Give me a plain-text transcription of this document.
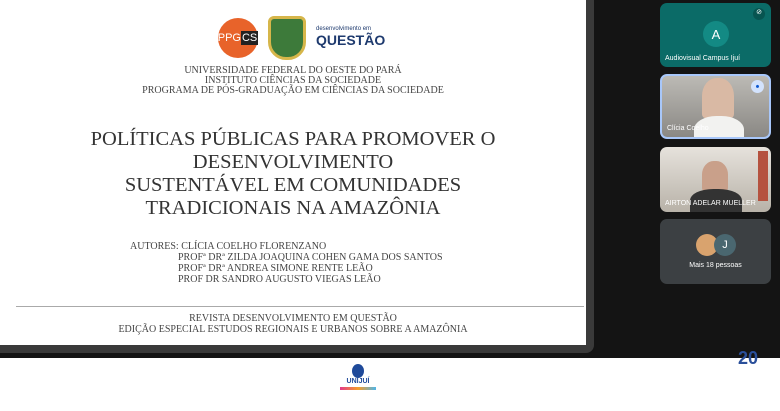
PPG CS
desenvolvimento em
QUESTÃO
UNIVERSIDADE FEDERAL DO OESTE DO PARÁ
INSTITUTO CIÊNCIAS DA SOCIEDADE
PROGRAMA DE PÓS-GRADUAÇÃO EM CIÊNCIAS DA SOCIEDADE
POLÍTICAS PÚBLICAS PARA PROMOVER O
DESENVOLVIMENTO
SUSTENTÁVEL EM COMUNIDADES
TRADICIONAIS NA AMAZÔNIA
AUTORES: CLÍCIA COELHO FLORENZANO
PROFª DRª ZILDA JOAQUINA COHEN GAMA DOS SANTOS
PROFª DRª ANDREA SIMONE RENTE LEÃO
PROF DR SANDRO AUGUSTO VIEGAS LEÃO
REVISTA DESENVOLVIMENTO EM QUESTÃO
EDIÇÃO ESPECIAL ESTUDOS REGIONAIS E URBANOS SOBRE A AMAZÔNIA
A
⊘
Audiovisual Campus Ijuí
⦁
Clícia Coelho
AIRTON ADELAR MUELLER
J
Mais 18 pessoas
UNIJUÍ
20
